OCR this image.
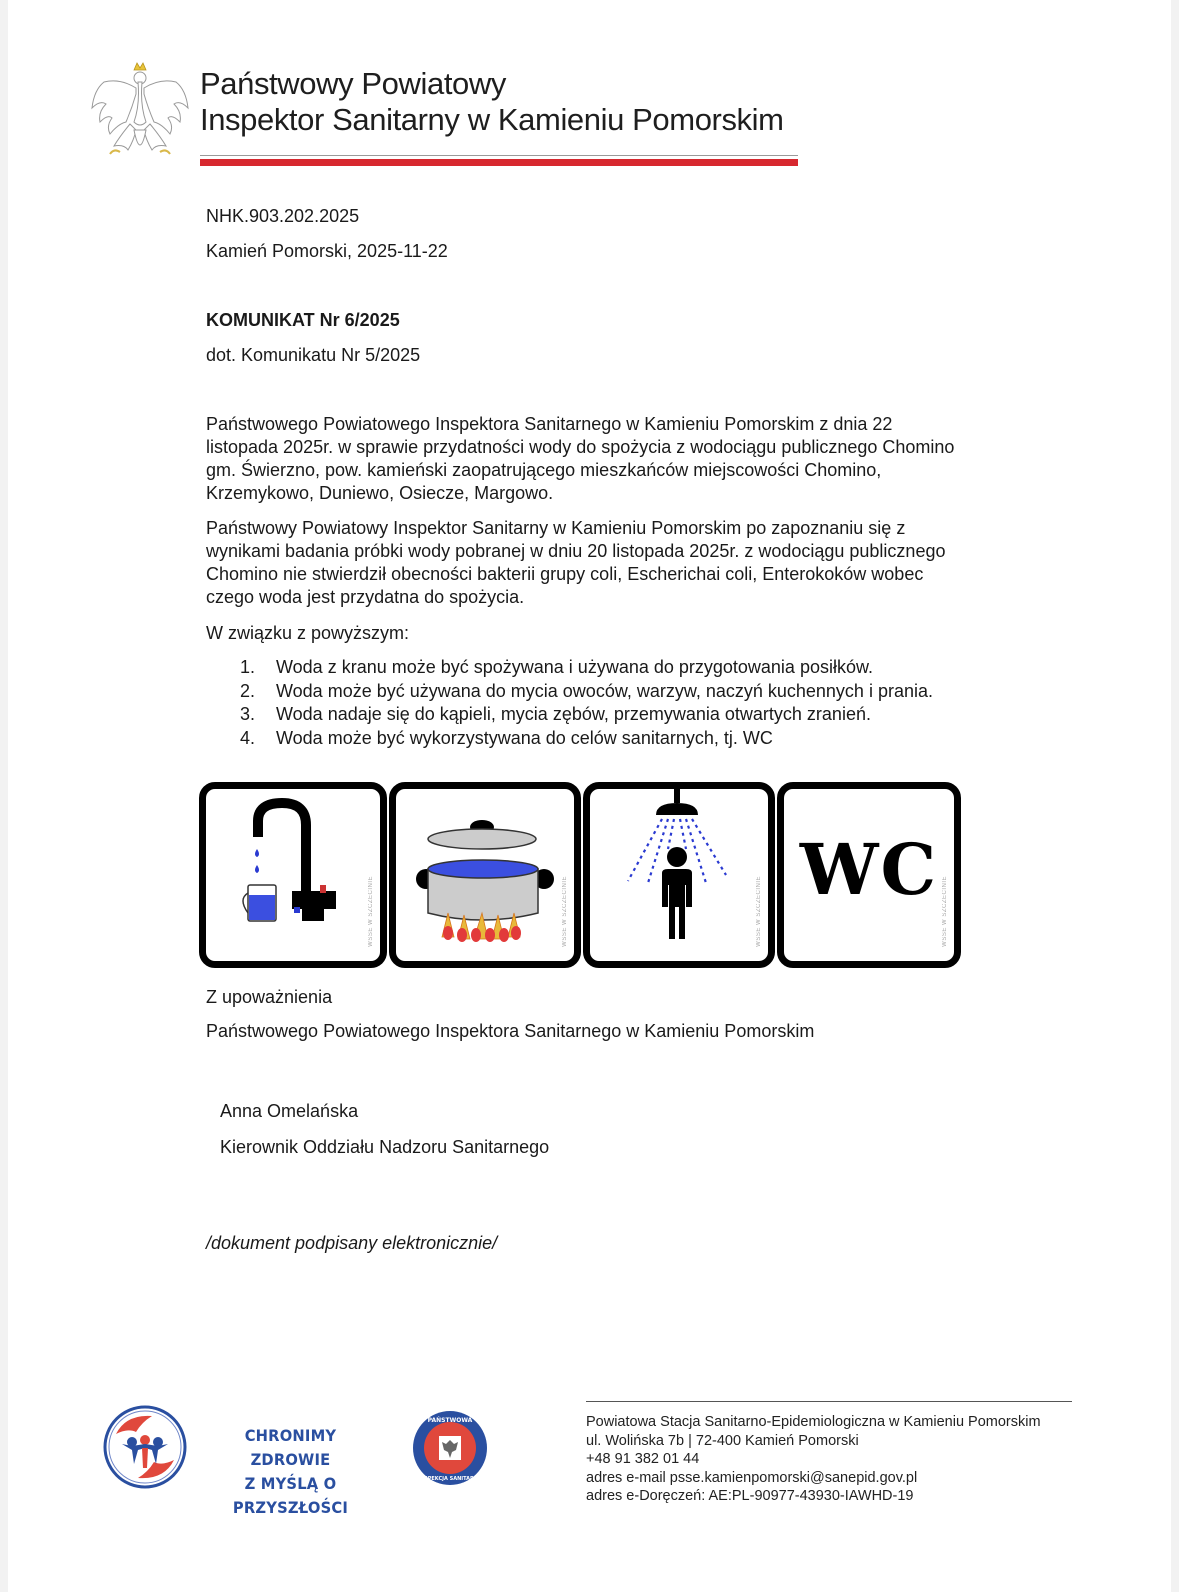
Państwowy Powiatowy
Inspektor Sanitarny w Kamieniu Pomorskim
NHK.903.202.2025
Kamień Pomorski, 2025-11-22
KOMUNIKAT Nr 6/2025
dot. Komunikatu Nr 5/2025
Państwowego Powiatowego Inspektora Sanitarnego w Kamieniu Pomorskim z dnia 22 listopada 2025r. w sprawie przydatności wody do spożycia z wodociągu publicznego Chomino gm. Świerzno, pow. kamieński zaopatrującego mieszkańców miejscowości Chomino, Krzemykowo, Duniewo, Osiecze, Margowo.
Państwowy Powiatowy Inspektor Sanitarny w Kamieniu Pomorskim po zapoznaniu się z wynikami badania próbki wody pobranej w dniu 20 listopada 2025r. z wodociągu publicznego Chomino nie stwierdził obecności bakterii grupy coli, Escherichai coli, Enterokoków wobec czego woda jest przydatna do spożycia.
W związku z powyższym:
1.	Woda z kranu może być spożywana i używana do przygotowania posiłków.
2.	Woda może być używana do mycia owoców, warzyw, naczyń kuchennych i prania.
3.	Woda nadaje się do kąpieli, mycia zębów, przemywania otwartych zranień.
4.	Woda może być wykorzystywana do celów sanitarnych, tj. WC
WSSE W SZCZECINIE	WSSE W SZCZECINIE	WSSE W SZCZECINIE
WC
WSSE W SZCZECINIE
Z upoważnienia
Państwowego Powiatowego Inspektora Sanitarnego w Kamieniu Pomorskim
Anna Omelańska
Kierownik Oddziału Nadzoru Sanitarnego
/dokument podpisany elektronicznie/
CHRONIMY ZDROWIE
Z MYŚLĄ O PRZYSZŁOŚCI
PAŃSTWOWA
INSPEKCJA SANITARNA
Powiatowa Stacja Sanitarno-Epidemiologiczna w Kamieniu Pomorskim
ul. Wolińska 7b | 72-400 Kamień Pomorski
+48 91 382 01 44
adres e-mail psse.kamienpomorski@sanepid.gov.pl
adres e-Doręczeń: AE:PL-90977-43930-IAWHD-19
